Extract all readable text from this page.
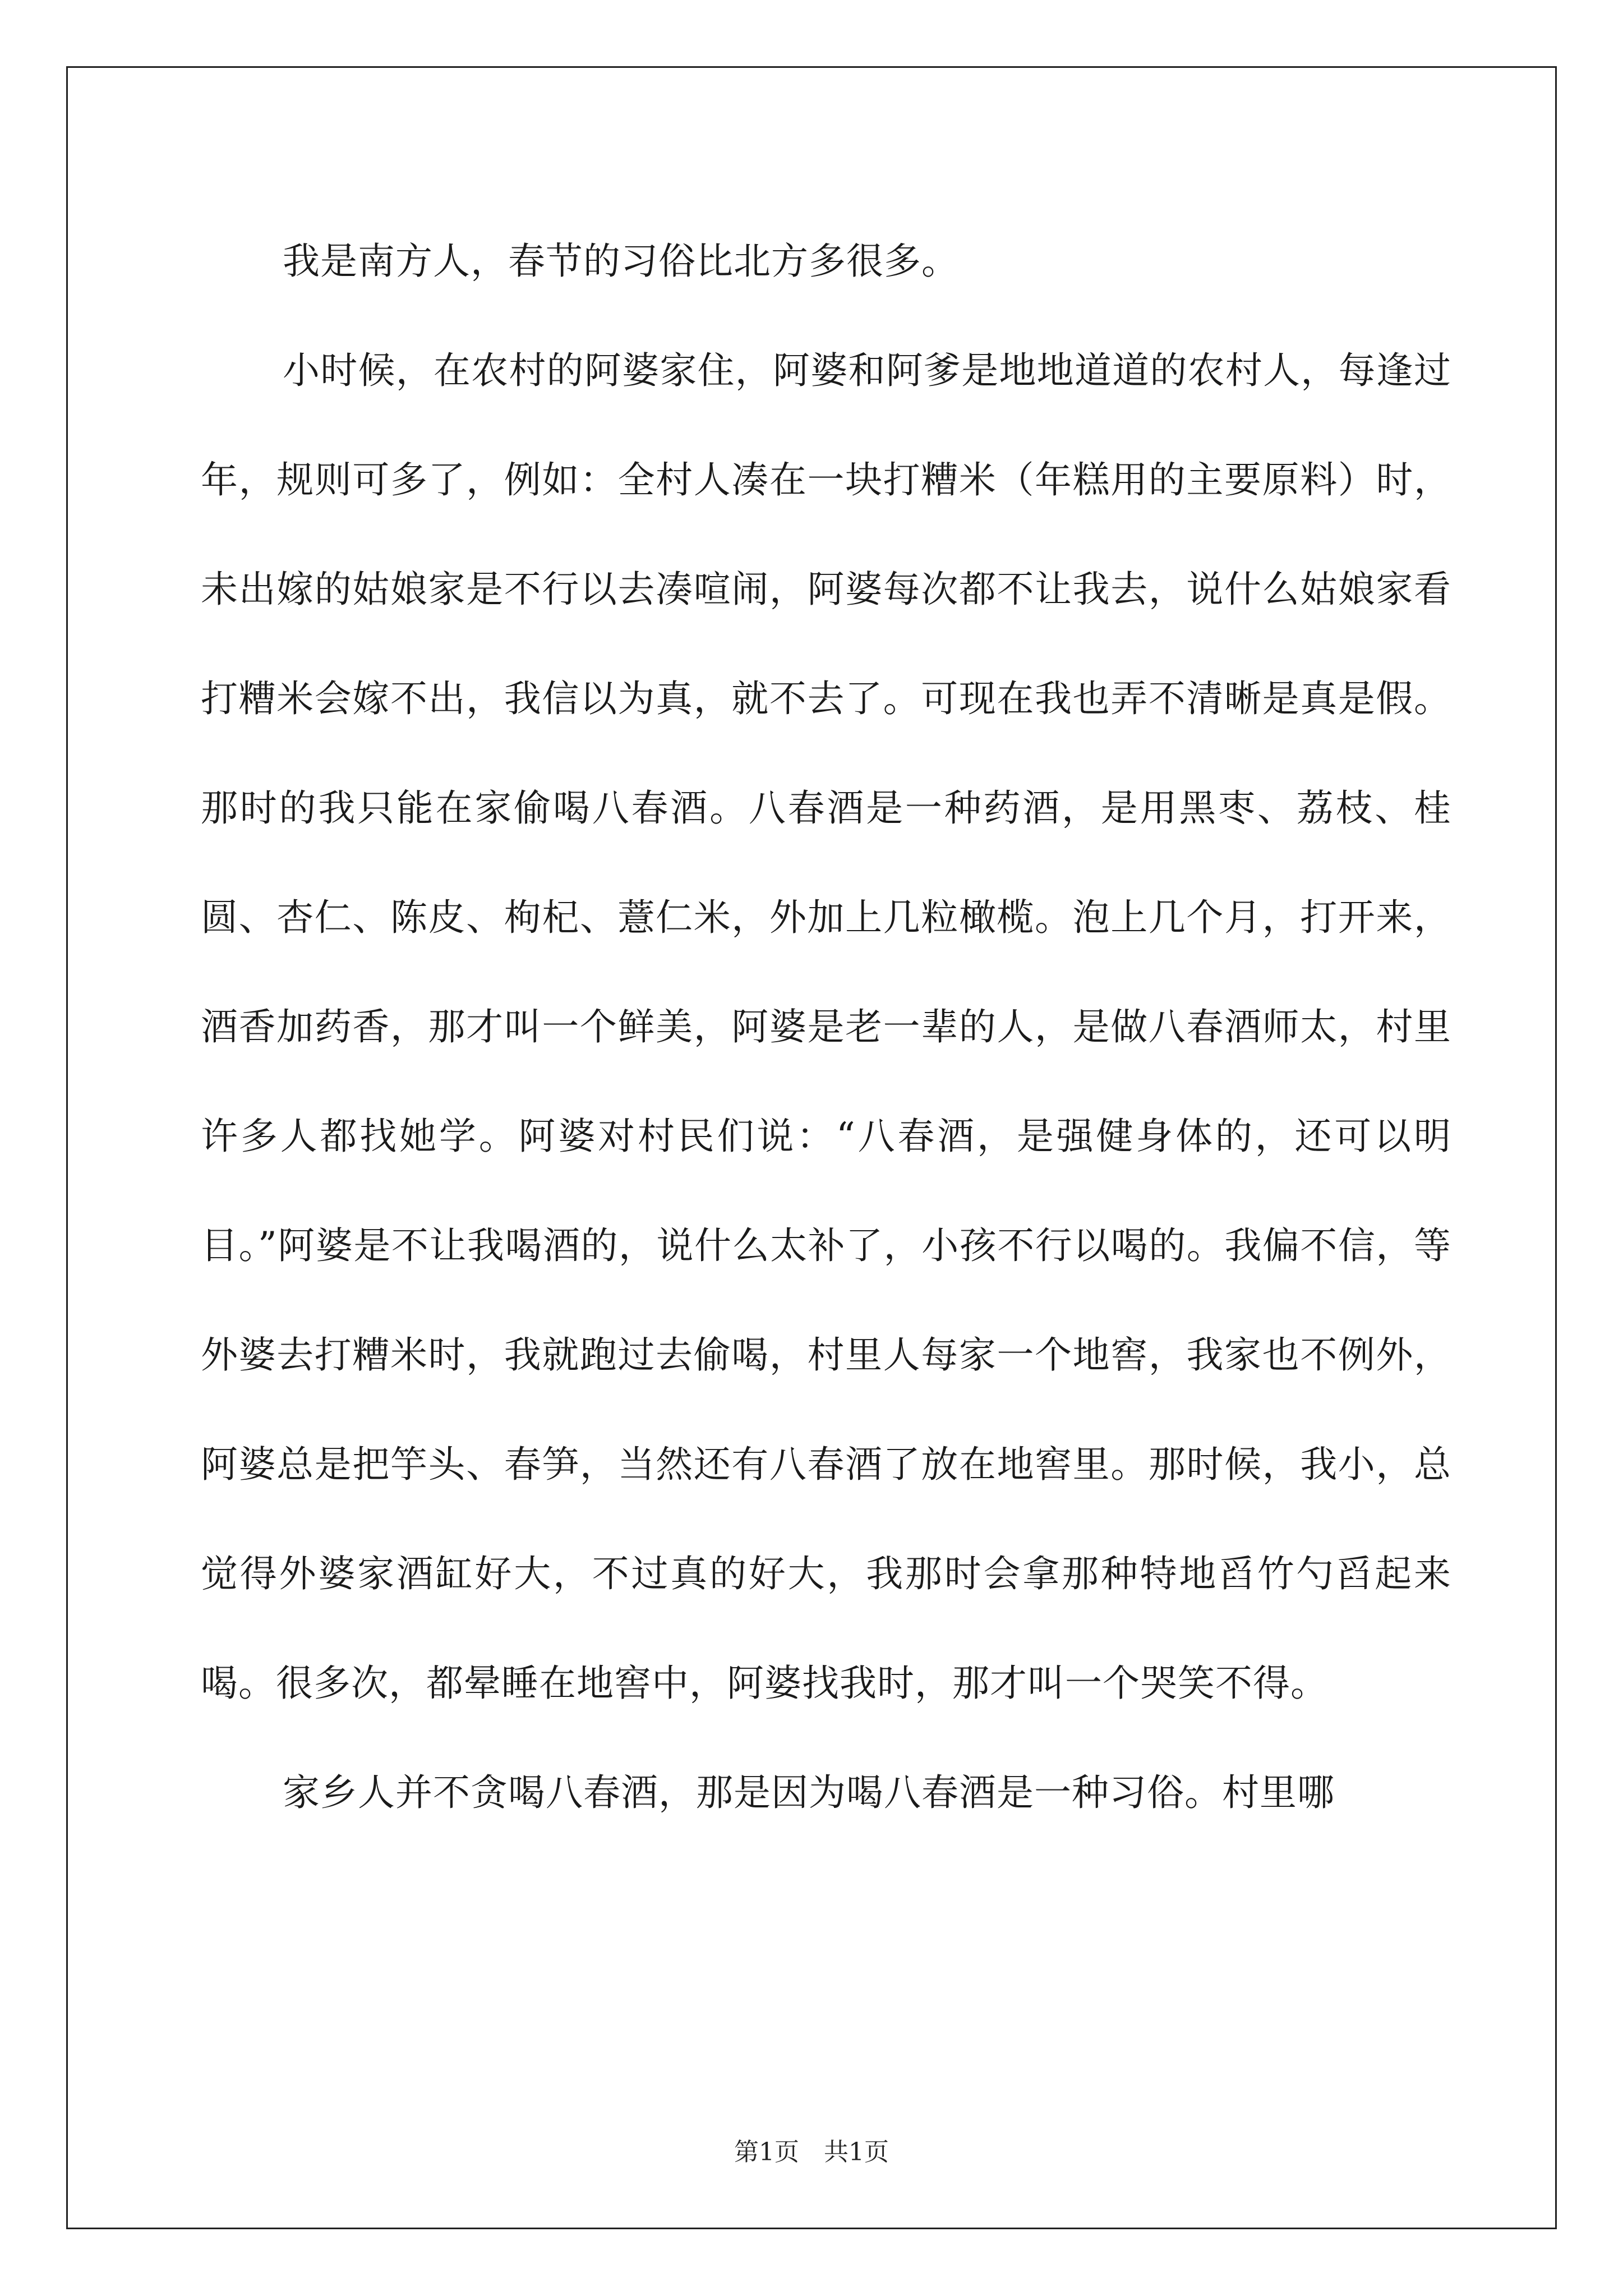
我是南方人，春节的习俗比北方多很多。

小时候，在农村的阿婆家住，阿婆和阿爹是地地道道的农村人，每逢过年，规则可多了，例如：全村人凑在一块打糟米（年糕用的主要原料）时，未出嫁的姑娘家是不行以去凑喧闹，阿婆每次都不让我去，说什么姑娘家看打糟米会嫁不出，我信以为真，就不去了。可现在我也弄不清晰是真是假。那时的我只能在家偷喝八春酒。八春酒是一种药酒，是用黑枣、荔枝、桂圆、杏仁、陈皮、枸杞、薏仁米，外加上几粒橄榄。泡上几个月，打开来，酒香加药香，那才叫一个鲜美，阿婆是老一辈的人，是做八春酒师太，村里许多人都找她学。阿婆对村民们说：“八春酒，是强健身体的，还可以明目。”阿婆是不让我喝酒的，说什么太补了，小孩不行以喝的。我偏不信，等外婆去打糟米时，我就跑过去偷喝，村里人每家一个地窖，我家也不例外，阿婆总是把竽头、春笋，当然还有八春酒了放在地窖里。那时候，我小，总觉得外婆家酒缸好大，不过真的好大，我那时会拿那种特地舀竹勺舀起来喝。很多次，都晕睡在地窖中，阿婆找我时，那才叫一个哭笑不得。

家乡人并不贪喝八春酒，那是因为喝八春酒是一种习俗。村里哪

第1页　共1页
